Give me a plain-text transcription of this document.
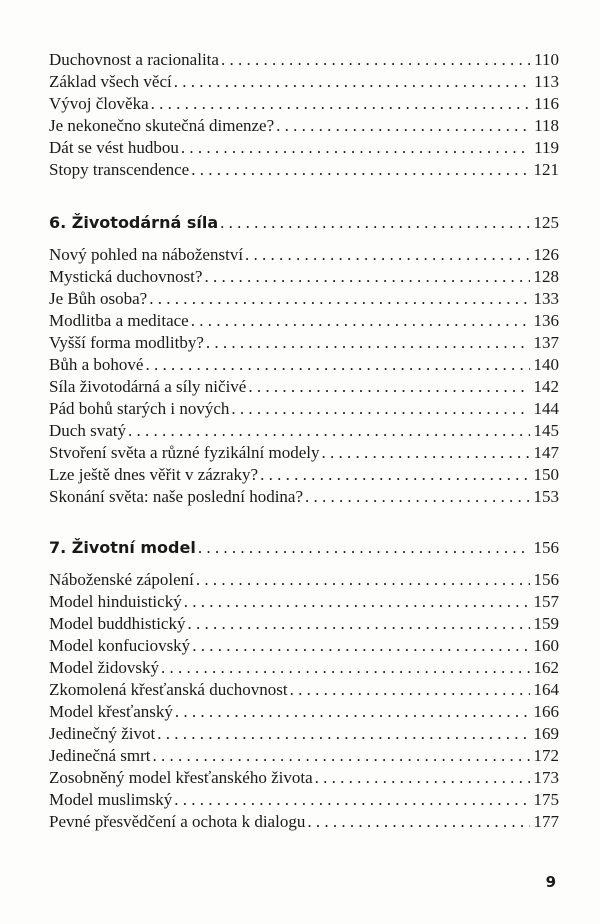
Duchovnost a racionalita . . .	110
Základ všech věcí . . .	113
Vývoj člověka . . .	116
Je nekonečno skutečná dimenze? . . .	118
Dát se vést hudbou . . .	119
Stopy transcendence . . .	121
6. Životodárná síla . . .	125
Nový pohled na náboženství . . .	126
Mystická duchovnost? . . .	128
Je Bůh osoba? . . .	133
Modlitba a meditace . . .	136
Vyšší forma modlitby? . . .	137
Bůh a bohové . . .	140
Síla životodárná a síly ničivé . . .	142
Pád bohů starých i nových . . .	144
Duch svatý . . .	145
Stvoření světa a různé fyzikální modely . . .	147
Lze ještě dnes věřit v zázraky? . . .	150
Skonání světa: naše poslední hodina? . . .	153
7. Životní model . . .	156
Náboženské zápolení . . .	156
Model hinduistický . . .	157
Model buddhistický . . .	159
Model konfuciovský . . .	160
Model židovský . . .	162
Zkomolená křesťanská duchovnost . . .	164
Model křesťanský . . .	166
Jedinečný život . . .	169
Jedinečná smrt . . .	172
Zosobněný model křesťanského života . . .	173
Model muslimský . . .	175
Pevné přesvědčení a ochota k dialogu . . .	177
9
